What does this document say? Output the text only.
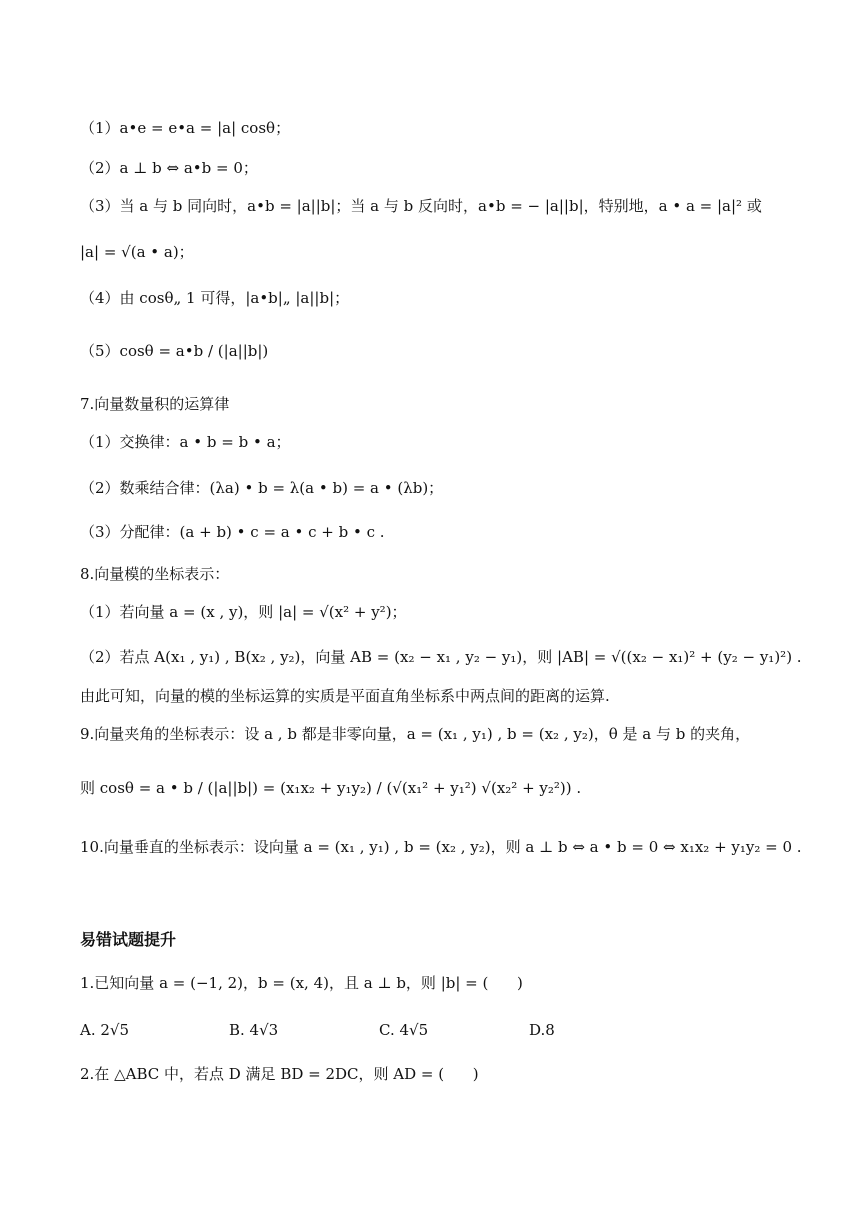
（1）a•e = e•a = |a| cosθ；
（2）a ⊥ b ⇔ a•b = 0；
（3）当 a 与 b 同向时，a•b = |a||b|；当 a 与 b 反向时，a•b = − |a||b|，特别地，a • a = |a|² 或
|a| = √(a • a)；
（4）由 cosθ„ 1 可得，|a•b|„ |a||b|；
（5）cosθ = a•b / (|a||b|)
7.向量数量积的运算律
（1）交换律：a • b = b • a；
（2）数乘结合律：(λa) • b = λ(a • b) = a • (λb)；
（3）分配律：(a + b) • c = a • c + b • c .
8.向量模的坐标表示：
（1）若向量 a = (x , y)，则 |a| = √(x² + y²)；
（2）若点 A(x₁ , y₁) , B(x₂ , y₂)，向量 AB = (x₂ − x₁ , y₂ − y₁)，则 |AB| = √((x₂ − x₁)² + (y₂ − y₁)²) .
由此可知，向量的模的坐标运算的实质是平面直角坐标系中两点间的距离的运算.
9.向量夹角的坐标表示：设 a , b 都是非零向量，a = (x₁ , y₁) , b = (x₂ , y₂)，θ 是 a 与 b 的夹角，
则 cosθ = a • b / (|a||b|) = (x₁x₂ + y₁y₂) / (√(x₁² + y₁²) √(x₂² + y₂²)) .
10.向量垂直的坐标表示：设向量 a = (x₁ , y₁) , b = (x₂ , y₂)，则 a ⊥ b ⇔ a • b = 0 ⇔ x₁x₂ + y₁y₂ = 0 .
易错试题提升
1.已知向量 a = (−1, 2)，b = (x, 4)，且 a ⊥ b，则 |b| = (      )
A. 2√5	B. 4√3	C. 4√5	D.8
2.在 △ABC 中，若点 D 满足 BD = 2DC，则 AD = (      )
